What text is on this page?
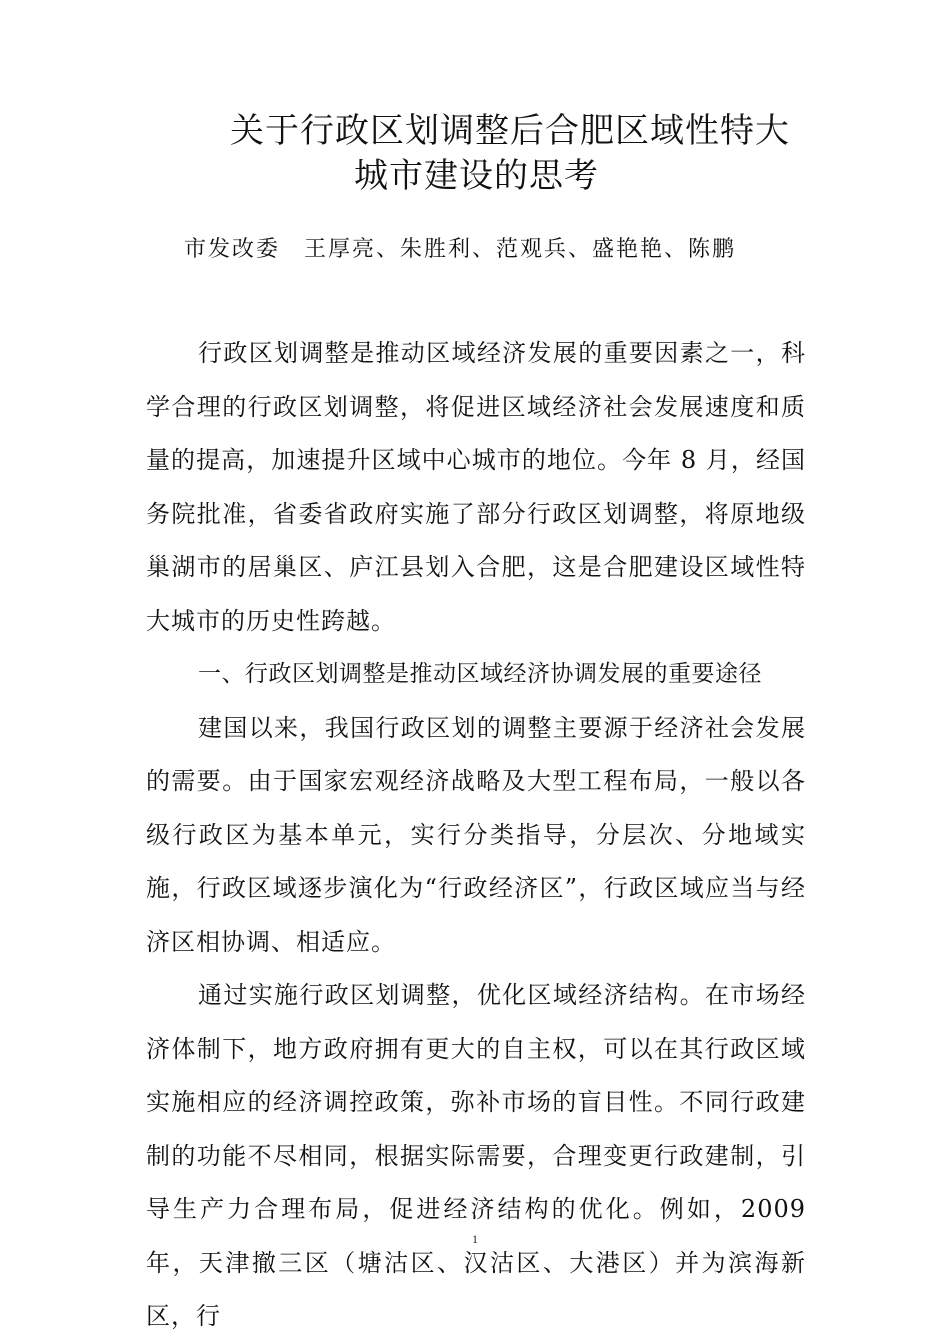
关于行政区划调整后合肥区域性特大
城市建设的思考
市发改委 王厚亮、朱胜利、范观兵、盛艳艳、陈鹏

行政区划调整是推动区域经济发展的重要因素之一，科学合理的行政区划调整，将促进区域经济社会发展速度和质量的提高，加速提升区域中心城市的地位。今年 8 月，经国务院批准，省委省政府实施了部分行政区划调整，将原地级巢湖市的居巢区、庐江县划入合肥，这是合肥建设区域性特大城市的历史性跨越。

一、行政区划调整是推动区域经济协调发展的重要途径

建国以来，我国行政区划的调整主要源于经济社会发展的需要。由于国家宏观经济战略及大型工程布局，一般以各级行政区为基本单元，实行分类指导，分层次、分地域实施，行政区域逐步演化为“行政经济区”，行政区域应当与经济区相协调、相适应。

通过实施行政区划调整，优化区域经济结构。在市场经济体制下，地方政府拥有更大的自主权，可以在其行政区域实施相应的经济调控政策，弥补市场的盲目性。不同行政建制的功能不尽相同，根据实际需要，合理变更行政建制，引导生产力合理布局，促进经济结构的优化。例如，2009 年，天津撤三区（塘沽区、汉沽区、大港区）并为滨海新区，行

1
